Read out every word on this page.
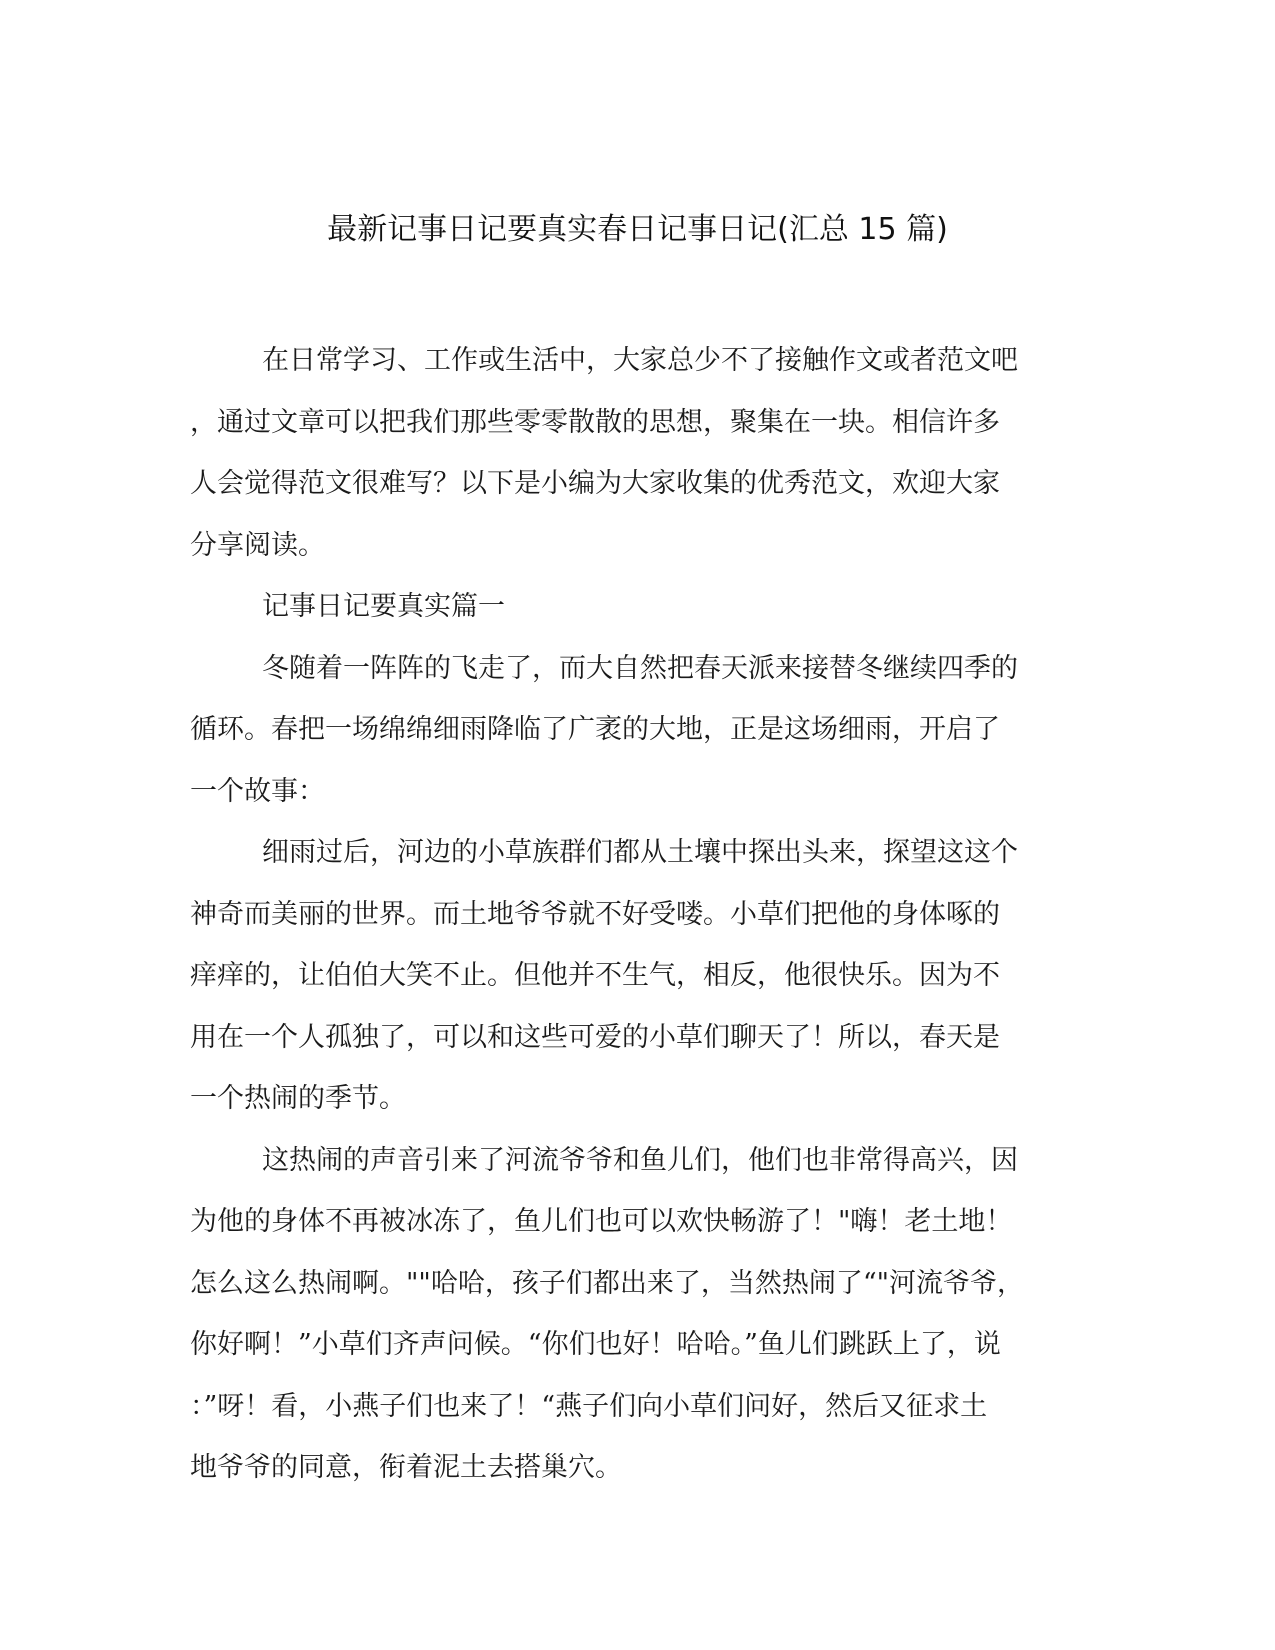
最新记事日记要真实春日记事日记(汇总 15 篇)

在日常学习、工作或生活中，大家总少不了接触作文或者范文吧
，通过文章可以把我们那些零零散散的思想，聚集在一块。相信许多
人会觉得范文很难写？以下是小编为大家收集的优秀范文，欢迎大家
分享阅读。

记事日记要真实篇一

冬随着一阵阵的飞走了，而大自然把春天派来接替冬继续四季的
循环。春把一场绵绵细雨降临了广袤的大地，正是这场细雨，开启了
一个故事：

细雨过后，河边的小草族群们都从土壤中探出头来，探望这这个
神奇而美丽的世界。而土地爷爷就不好受喽。小草们把他的身体啄的
痒痒的，让伯伯大笑不止。但他并不生气，相反，他很快乐。因为不
用在一个人孤独了，可以和这些可爱的小草们聊天了！所以，春天是
一个热闹的季节。

这热闹的声音引来了河流爷爷和鱼儿们，他们也非常得高兴，因
为他的身体不再被冰冻了，鱼儿们也可以欢快畅游了！"嗨！老土地！
怎么这么热闹啊。""哈哈，孩子们都出来了，当然热闹了“"河流爷爷，
你好啊！”小草们齐声问候。“你们也好！哈哈。”鱼儿们跳跃上了，说
：”呀！看，小燕子们也来了！“燕子们向小草们问好，然后又征求土
地爷爷的同意，衔着泥土去搭巢穴。
